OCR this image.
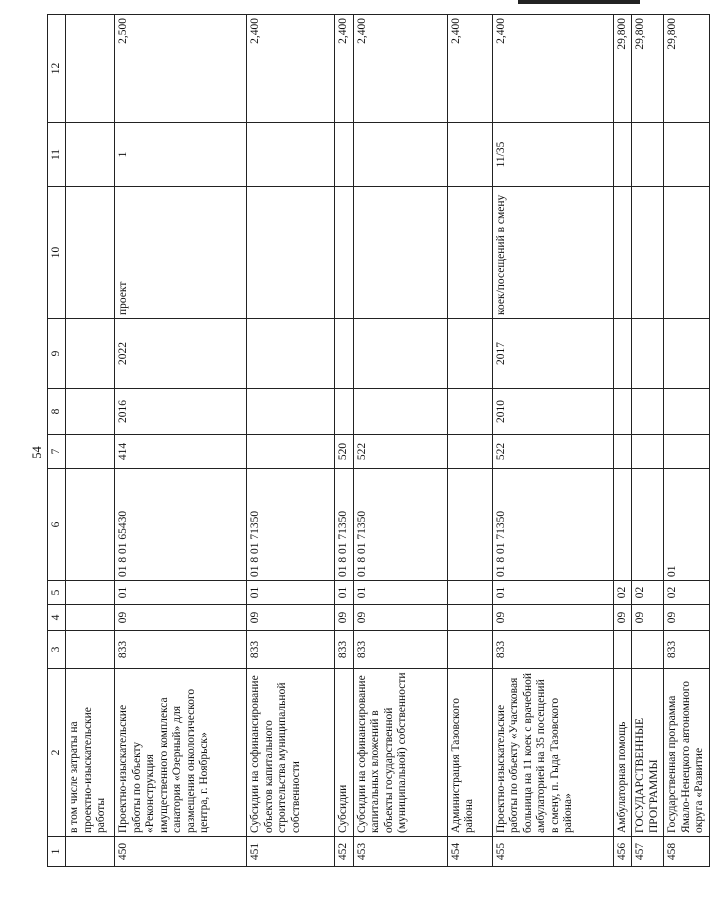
54
1	2	3	4	5	6	7	8	9	10	11	12
	в том числе затраты на проектно-изыскательские работы										
450	Проектно-изыскательские работы по объекту «Реконструкция имущественного комплекса санатория «Озерный» для размещения онкологического центра, г. Ноябрьск»	833	09	01	01 8 01 65430	414	2016	2022	проект	1	2,500
451	Субсидии на софинансирование объектов капитального строительства муниципальной собственности	833	09	01	01 8 01 71350						2,400
452	Субсидии	833	09	01	01 8 01 71350	520					2,400
453	Субсидии на софинансирование капитальных вложений в объекты государственной (муниципальной) собственности	833	09	01	01 8 01 71350	522					2,400
454	Администрация Тазовского района										2,400
455	Проектно-изыскательские работы по объекту «Участковая больница на 11 коек с врачебной амбулаторией на 35 посещений в смену, п. Гыда Тазовского района»	833	09	01	01 8 01 71350	522	2010	2017	коек/посещений в смену	11/35	2,400
456	Амбулаторная помощь		09	02							29,800
457	ГОСУДАРСТВЕННЫЕ ПРОГРАММЫ		09	02							29,800
458	Государственная программа Ямало-Ненецкого автономного округа «Развитие	833	09	02	01						29,800
